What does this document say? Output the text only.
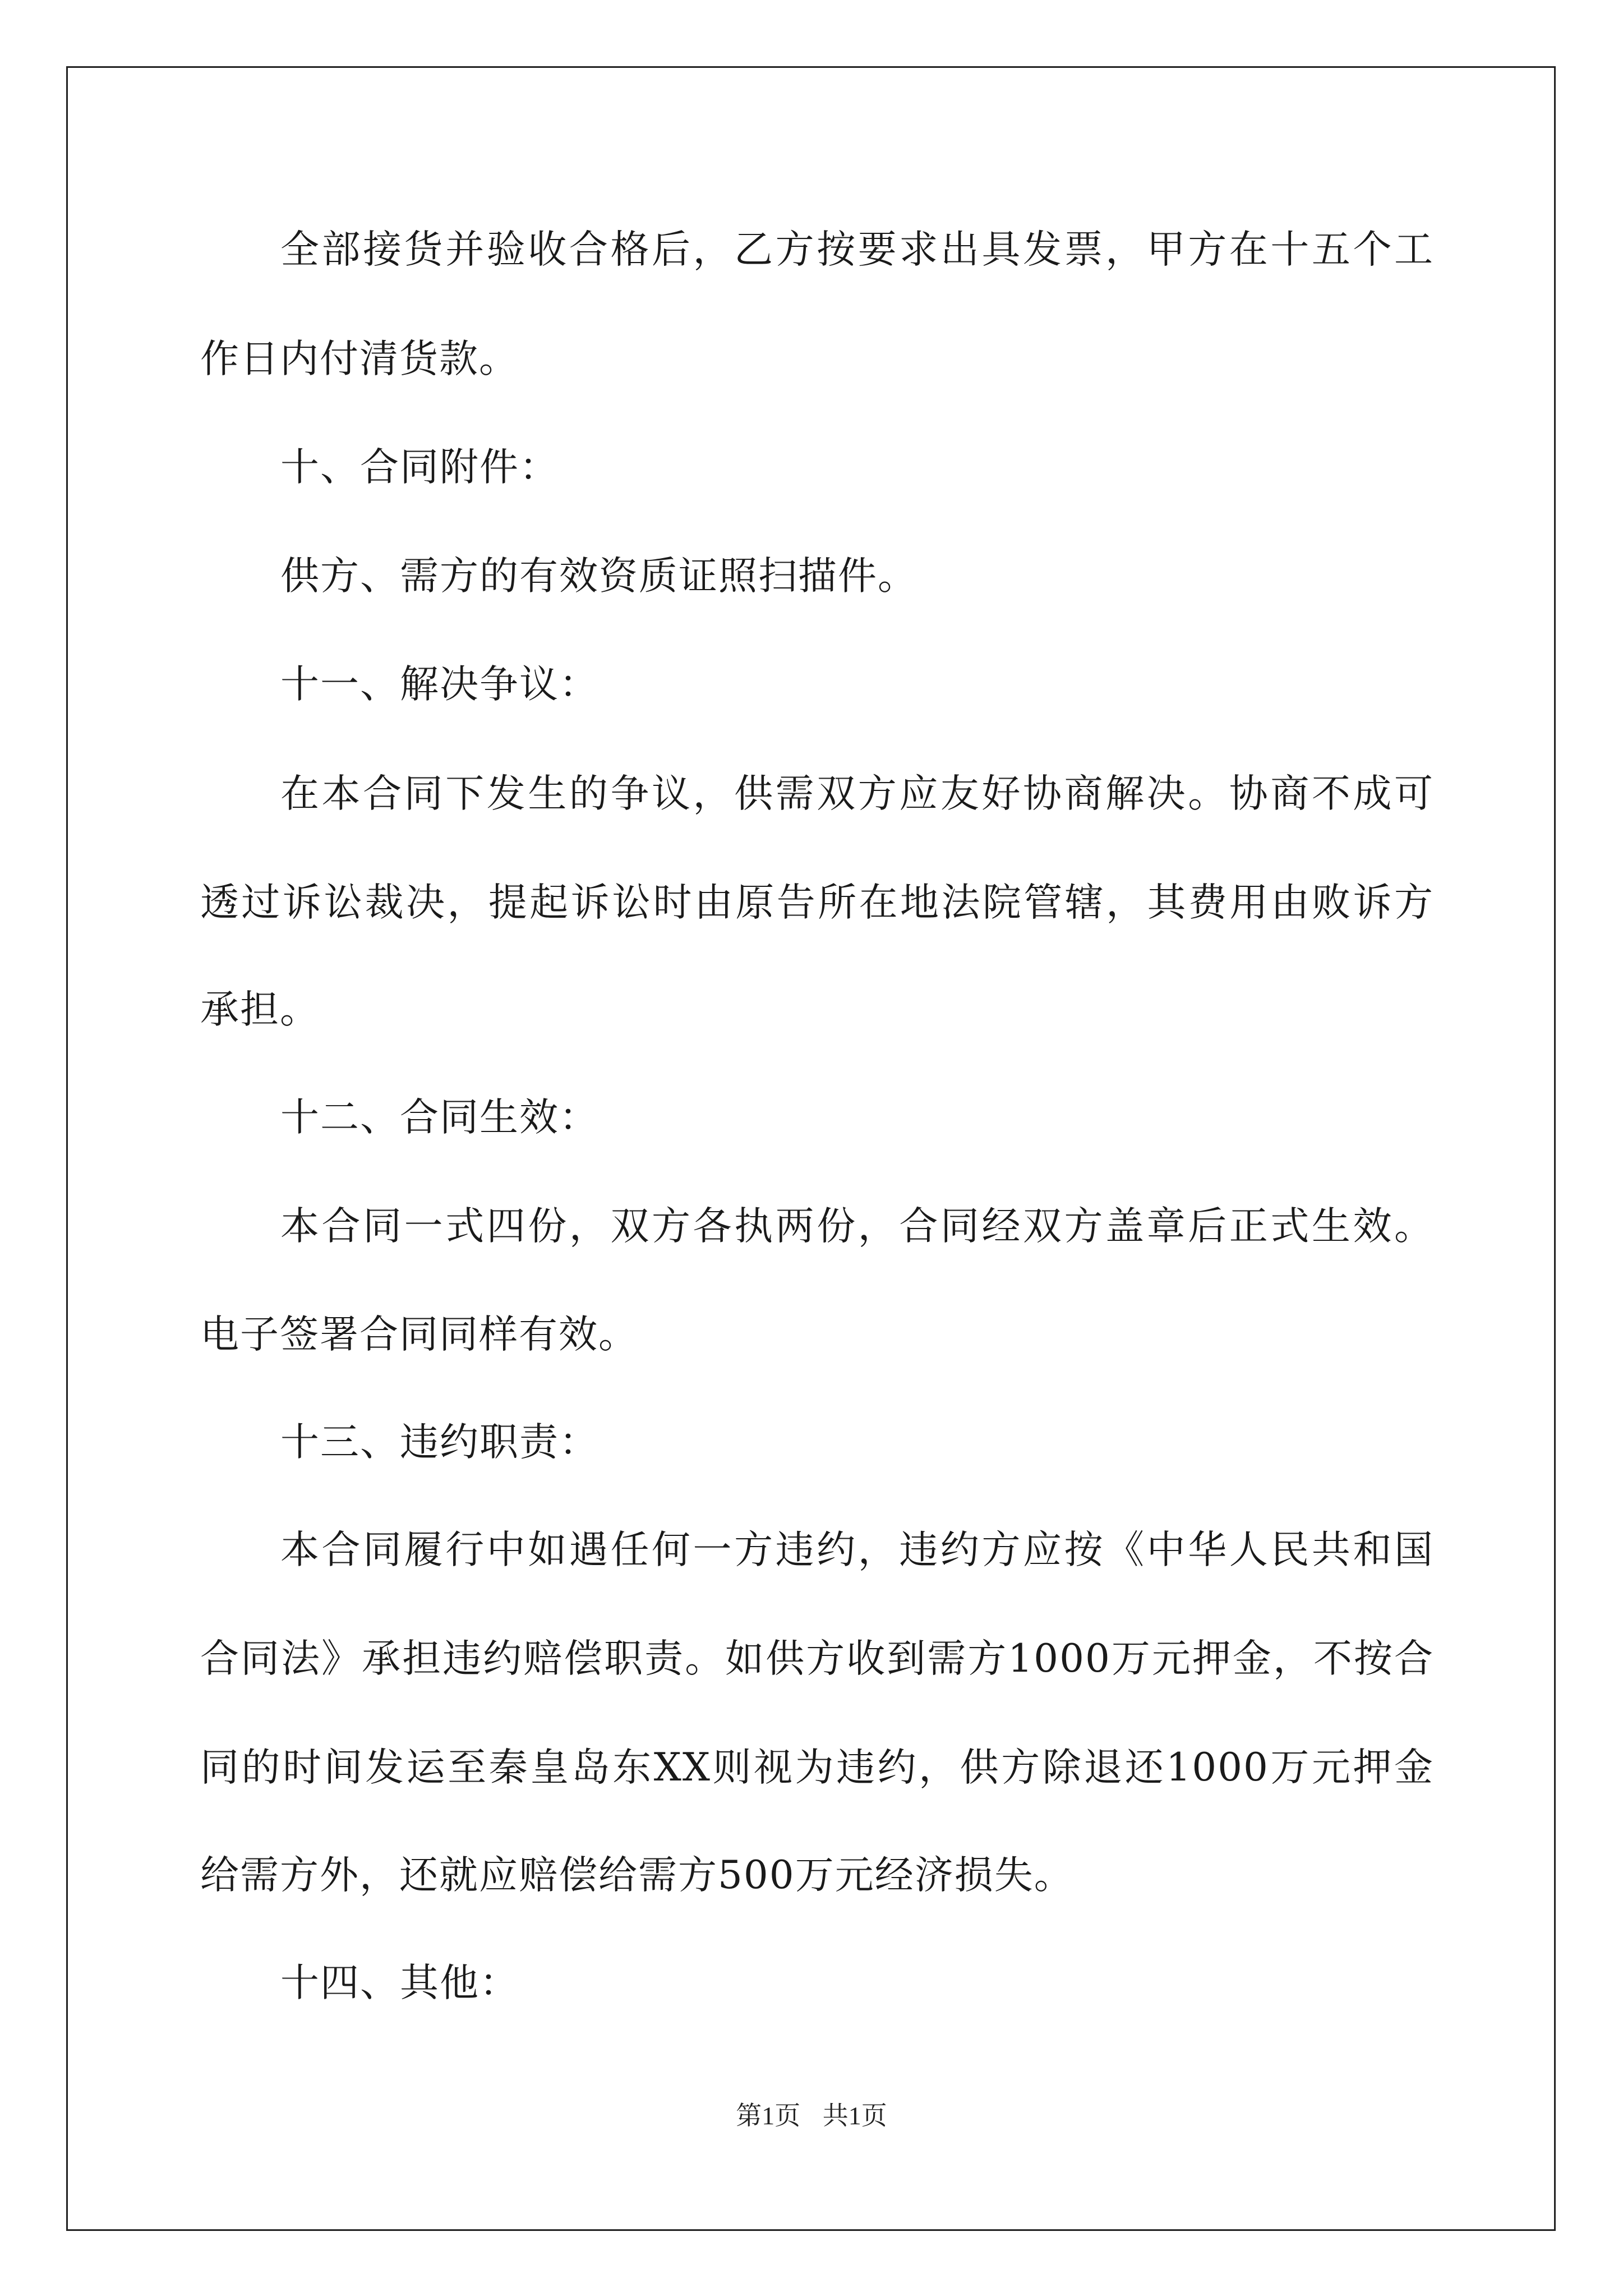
全部接货并验收合格后，乙方按要求出具发票，甲方在十五个工
作日内付清货款。
十、合同附件：
供方、需方的有效资质证照扫描件。
十一、解决争议：
在本合同下发生的争议，供需双方应友好协商解决。协商不成可
透过诉讼裁决，提起诉讼时由原告所在地法院管辖，其费用由败诉方
承担。
十二、合同生效：
本合同一式四份，双方各执两份，合同经双方盖章后正式生效。
电子签署合同同样有效。
十三、违约职责：
本合同履行中如遇任何一方违约，违约方应按《中华人民共和国
合同法》承担违约赔偿职责。如供方收到需方1000万元押金，不按合
同的时间发运至秦皇岛东XX则视为违约，供方除退还1000万元押金
给需方外，还就应赔偿给需方500万元经济损失。
十四、其他：
第1页 共1页
